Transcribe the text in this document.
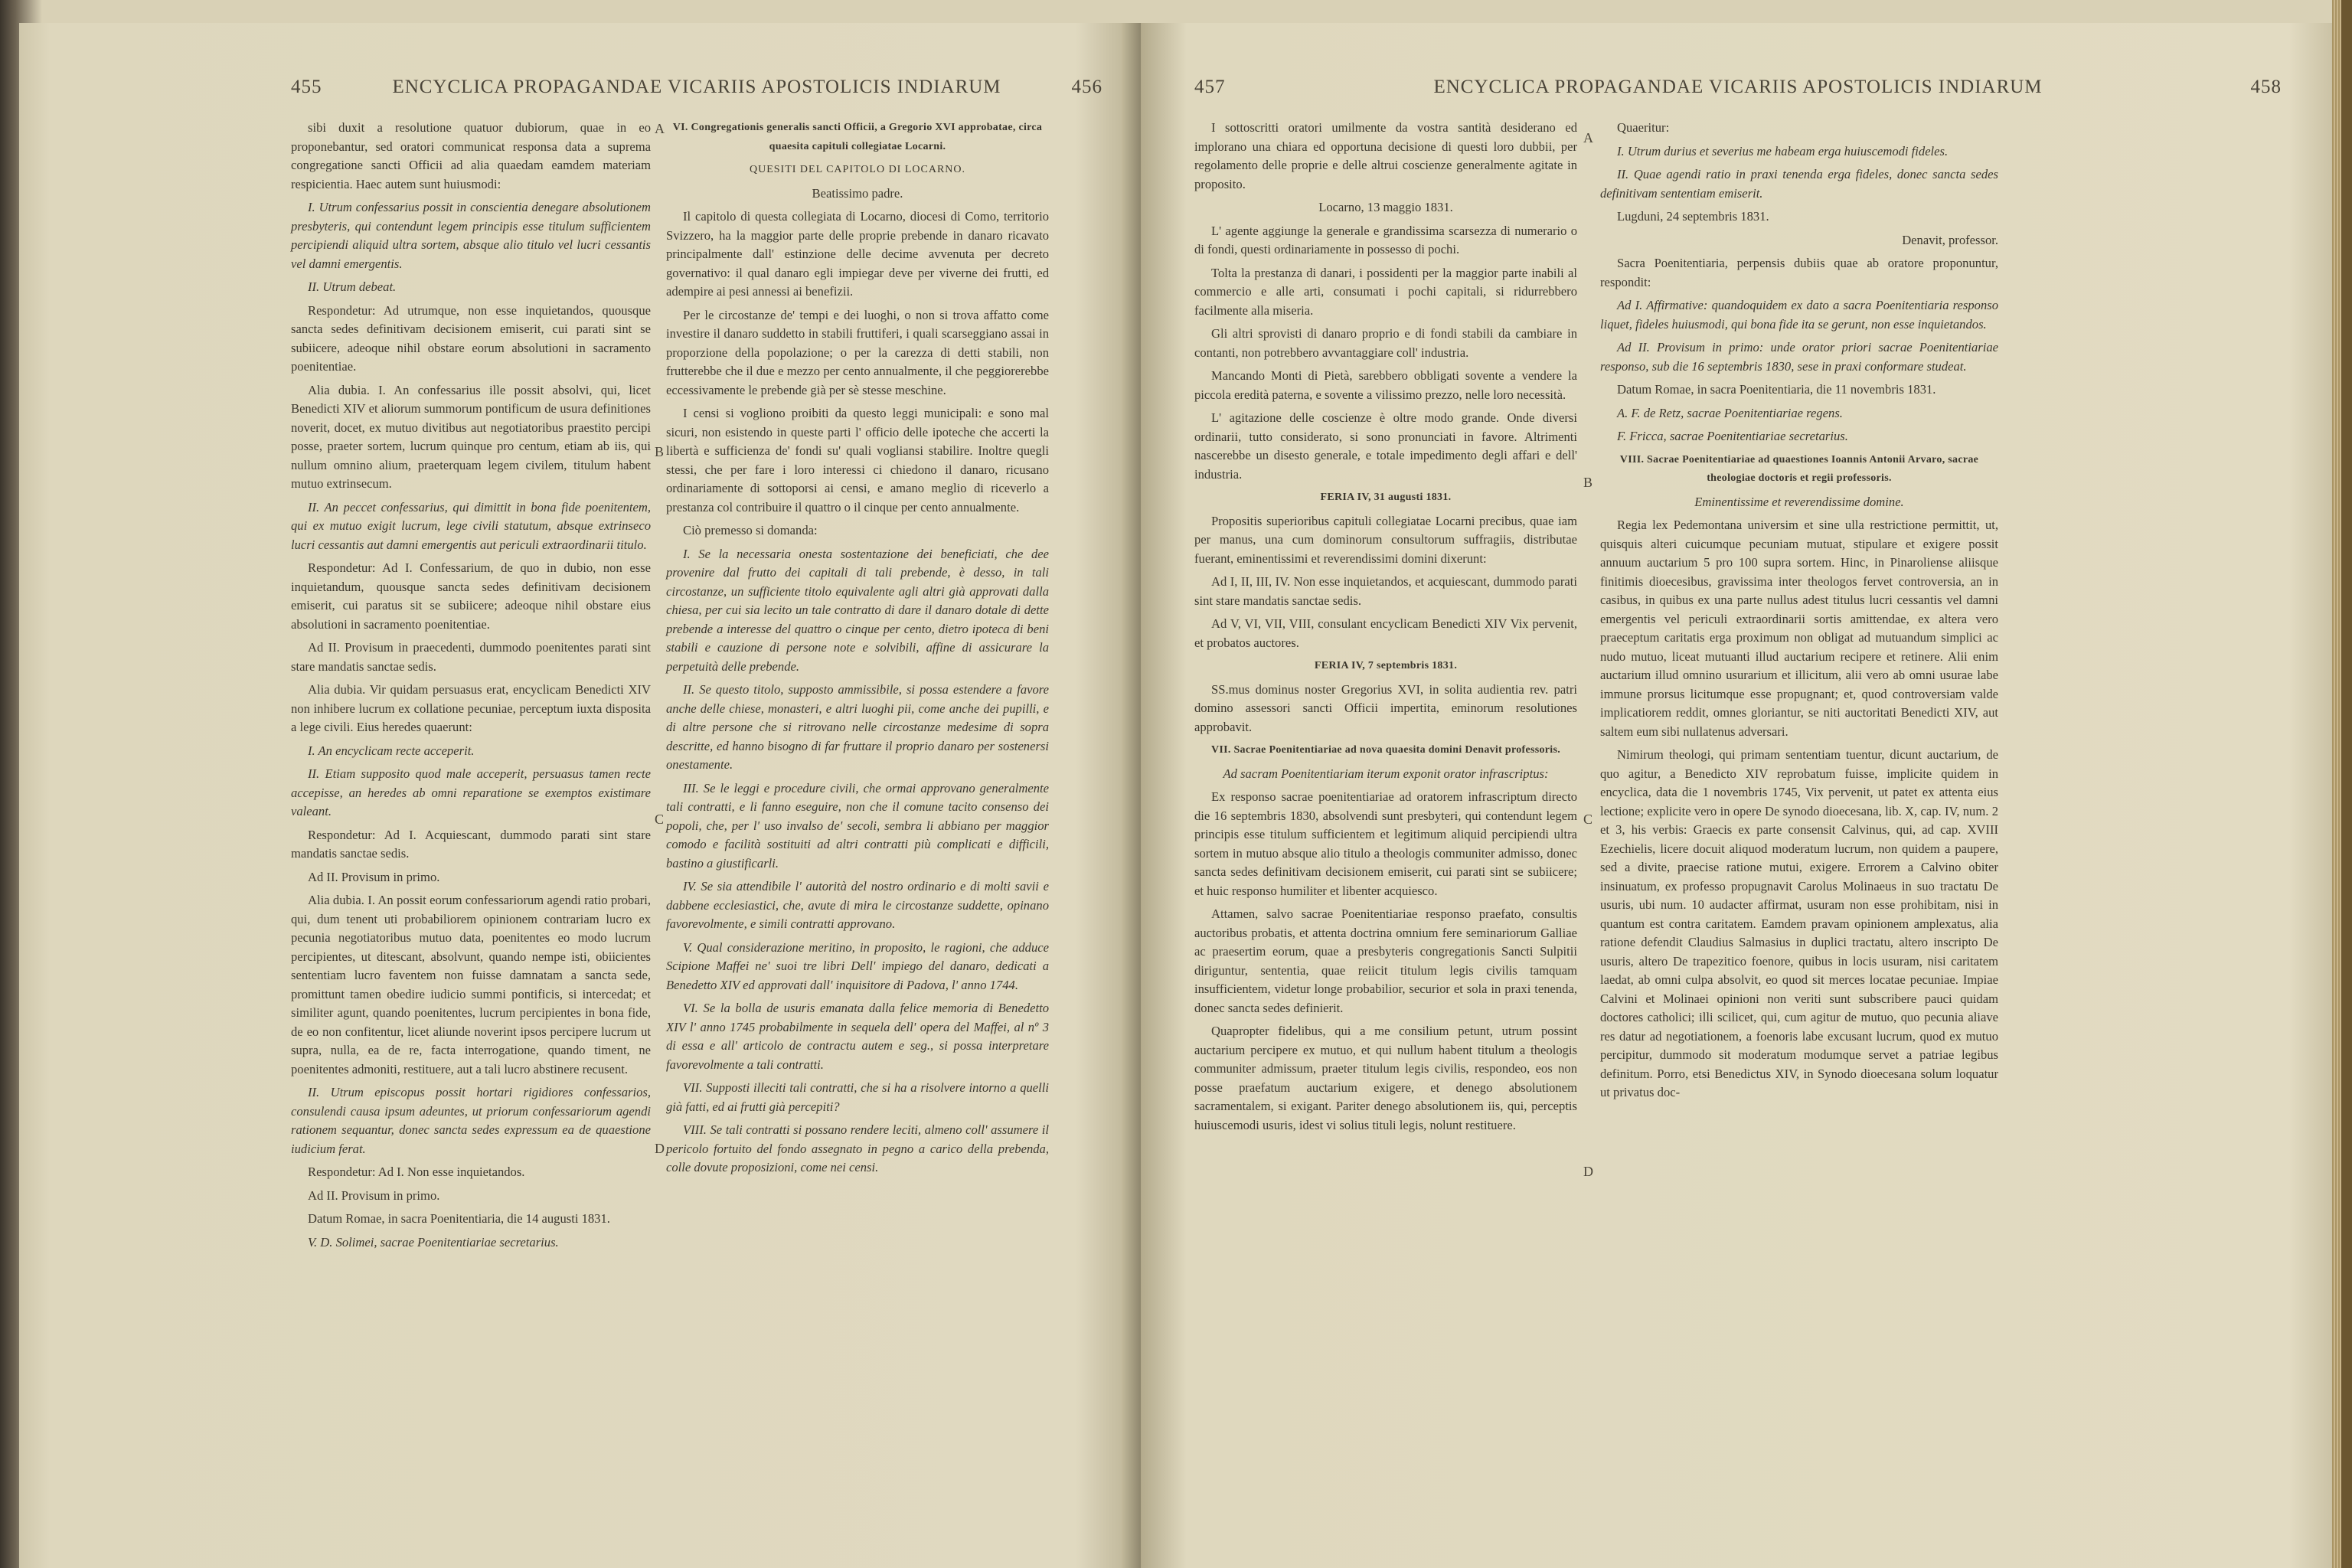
455	ENCYCLICA PROPAGANDAE VICARIIS APOSTOLICIS INDIARUM	456

sibi duxit a resolutione quatuor dubiorum, quae in eo proponebantur, sed oratori communicat responsa data a suprema congregatione sancti Officii ad alia quaedam eamdem materiam respicientia. Haec autem sunt huiusmodi:

I. Utrum confessarius possit in conscientia denegare absolutionem presbyteris, qui contendunt legem principis esse titulum sufficientem percipiendi aliquid ultra sortem, absque alio titulo vel lucri cessantis vel damni emergentis.

II. Utrum debeat.

Respondetur: Ad utrumque, non esse inquietandos, quousque sancta sedes definitivam decisionem emiserit, cui parati sint se subiicere, adeoque nihil obstare eorum absolutioni in sacramento poenitentiae.

Alia dubia. I. An confessarius ille possit absolvi, qui, licet Benedicti XIV et aliorum summorum pontificum de usura definitiones noverit, docet, ex mutuo divitibus aut negotiatoribus praestito percipi posse, praeter sortem, lucrum quinque pro centum, etiam ab iis, qui nullum omnino alium, praeterquam legem civilem, titulum habent mutuo extrinsecum.

II. An peccet confessarius, qui dimittit in bona fide poenitentem, qui ex mutuo exigit lucrum, lege civili statutum, absque extrinseco lucri cessantis aut damni emergentis aut periculi extraordinarii titulo.

Respondetur: Ad I. Confessarium, de quo in dubio, non esse inquietandum, quousque sancta sedes definitivam decisionem emiserit, cui paratus sit se subiicere; adeoque nihil obstare eius absolutioni in sacramento poenitentiae.

Ad II. Provisum in praecedenti, dummodo poenitentes parati sint stare mandatis sanctae sedis.

Alia dubia. Vir quidam persuasus erat, encyclicam Benedicti XIV non inhibere lucrum ex collatione pecuniae, perceptum iuxta disposita a lege civili. Eius heredes quaerunt:

I. An encyclicam recte acceperit.

II. Etiam supposito quod male acceperit, persuasus tamen recte accepisse, an heredes ab omni reparatione se exemptos existimare valeant.

Respondetur: Ad I. Acquiescant, dummodo parati sint stare mandatis sanctae sedis.

Ad II. Provisum in primo.

Alia dubia. I. An possit eorum confessariorum agendi ratio probari, qui, dum tenent uti probabiliorem opinionem contrariam lucro ex pecunia negotiatoribus mutuo data, poenitentes eo modo lucrum percipientes, ut ditescant, absolvunt, quando nempe isti, obiicientes sententiam lucro faventem non fuisse damnatam a sancta sede, promittunt tamen obedire iudicio summi pontificis, si intercedat; et similiter agunt, quando poenitentes, lucrum percipientes in bona fide, de eo non confitentur, licet aliunde noverint ipsos percipere lucrum ut supra, nulla, ea de re, facta interrogatione, quando timent, ne poenitentes admoniti, restituere, aut a tali lucro abstinere recusent.

II. Utrum episcopus possit hortari rigidiores confessarios, consulendi causa ipsum adeuntes, ut priorum confessariorum agendi rationem sequantur, donec sancta sedes expressum ea de quaestione iudicium ferat.

Respondetur: Ad I. Non esse inquietandos.

Ad II. Provisum in primo.

Datum Romae, in sacra Poenitentiaria, die 14 augusti 1831.

V. D. Solimei, sacrae Poenitentiariae secretarius.

VI. Congregationis generalis sancti Officii, a Gregorio XVI approbatae, circa quaesita capituli collegiatae Locarni.

QUESITI DEL CAPITOLO DI LOCARNO.

Beatissimo padre.

Il capitolo di questa collegiata di Locarno, diocesi di Como, territorio Svizzero, ha la maggior parte delle proprie prebende in danaro ricavato principalmente dall' estinzione delle decime avvenuta per decreto governativo: il qual danaro egli impiegar deve per viverne dei frutti, ed adempire ai pesi annessi ai benefizii.

Per le circostanze de' tempi e dei luoghi, o non si trova affatto come investire il danaro suddetto in stabili fruttiferi, i quali scarseggiano assai in proporzione della popolazione; o per la carezza di detti stabili, non frutterebbe che il due e mezzo per cento annualmente, il che peggiorerebbe eccessivamente le prebende già per sè stesse meschine.

I censi si vogliono proibiti da questo leggi municipali: e sono mal sicuri, non esistendo in queste parti l' officio delle ipoteche che accerti la libertà e sufficienza de' fondi su' quali vogliansi stabilire. Inoltre quegli stessi, che per fare i loro interessi ci chiedono il danaro, ricusano ordinariamente di sottoporsi ai censi, e amano meglio di riceverlo a prestanza col contribuire il quattro o il cinque per cento annualmente.

Ciò premesso si domanda:

I. Se la necessaria onesta sostentazione dei beneficiati, che dee provenire dal frutto dei capitali di tali prebende, è desso, in tali circostanze, un sufficiente titolo equivalente agli altri già approvati dalla chiesa, per cui sia lecito un tale contratto di dare il danaro dotale di dette prebende a interesse del quattro o cinque per cento, dietro ipoteca di beni stabili e cauzione di persone note e solvibili, affine di assicurare la perpetuità delle prebende.

II. Se questo titolo, supposto ammissibile, si possa estendere a favore anche delle chiese, monasteri, e altri luoghi pii, come anche dei pupilli, e di altre persone che si ritrovano nelle circostanze medesime di sopra descritte, ed hanno bisogno di far fruttare il proprio danaro per sostenersi onestamente.

III. Se le leggi e procedure civili, che ormai approvano generalmente tali contratti, e li fanno eseguire, non che il comune tacito consenso dei popoli, che, per l' uso invalso de' secoli, sembra li abbiano per maggior comodo e facilità sostituiti ad altri contratti più complicati e difficili, bastino a giustificarli.

IV. Se sia attendibile l' autorità del nostro ordinario e di molti savii e dabbene ecclesiastici, che, avute di mira le circostanze suddette, opinano favorevolmente, e simili contratti approvano.

V. Qual considerazione meritino, in proposito, le ragioni, che adduce Scipione Maffei ne' suoi tre libri Dell' impiego del danaro, dedicati a Benedetto XIV ed approvati dall' inquisitore di Padova, l' anno 1744.

VI. Se la bolla de usuris emanata dalla felice memoria di Benedetto XIV l' anno 1745 probabilmente in sequela dell' opera del Maffei, al nº 3 di essa e all' articolo de contractu autem e seg., si possa interpretare favorevolmente a tali contratti.

VII. Supposti illeciti tali contratti, che si ha a risolvere intorno a quelli già fatti, ed ai frutti già percepiti?

VIII. Se tali contratti si possano rendere leciti, almeno coll' assumere il pericolo fortuito del fondo assegnato in pegno a carico della prebenda, colle dovute proposizioni, come nei censi.

A
B
C
D
457	ENCYCLICA PROPAGANDAE VICARIIS APOSTOLICIS INDIARUM	458

I sottoscritti oratori umilmente da vostra santità desiderano ed implorano una chiara ed opportuna decisione di questi loro dubbii, per regolamento delle proprie e delle altrui coscienze generalmente agitate in proposito.

Locarno, 13 maggio 1831.

L' agente aggiunge la generale e grandissima scarsezza di numerario o di fondi, questi ordinariamente in possesso di pochi.

Tolta la prestanza di danari, i possidenti per la maggior parte inabili al commercio e alle arti, consumati i pochi capitali, si ridurrebbero facilmente alla miseria.

Gli altri sprovisti di danaro proprio e di fondi stabili da cambiare in contanti, non potrebbero avvantaggiare coll' industria.

Mancando Monti di Pietà, sarebbero obbligati sovente a vendere la piccola eredità paterna, e sovente a vilissimo prezzo, nelle loro necessità.

L' agitazione delle coscienze è oltre modo grande. Onde diversi ordinarii, tutto considerato, si sono pronunciati in favore. Altrimenti nascerebbe un disesto generale, e totale impedimento degli affari e dell' industria.

FERIA IV, 31 augusti 1831.

Propositis superioribus capituli collegiatae Locarni precibus, quae iam per manus, una cum dominorum consultorum suffragiis, distributae fuerant, eminentissimi et reverendissimi domini dixerunt:

Ad I, II, III, IV. Non esse inquietandos, et acquiescant, dummodo parati sint stare mandatis sanctae sedis.

Ad V, VI, VII, VIII, consulant encyclicam Benedicti XIV Vix pervenit, et probatos auctores.

FERIA IV, 7 septembris 1831.

SS.mus dominus noster Gregorius XVI, in solita audientia rev. patri domino assessori sancti Officii impertita, eminorum resolutiones approbavit.

VII. Sacrae Poenitentiariae ad nova quaesita domini Denavit professoris.

Ad sacram Poenitentiariam iterum exponit orator infrascriptus:

Ex responso sacrae poenitentiariae ad oratorem infrascriptum directo die 16 septembris 1830, absolvendi sunt presbyteri, qui contendunt legem principis esse titulum sufficientem et legitimum aliquid percipiendi ultra sortem in mutuo absque alio titulo a theologis communiter admisso, donec sancta sedes definitivam decisionem emiserit, cui parati sint se subiicere; et huic responso humiliter et libenter acquiesco.

Attamen, salvo sacrae Poenitentiariae responso praefato, consultis auctoribus probatis, et attenta doctrina omnium fere seminariorum Galliae ac praesertim eorum, quae a presbyteris congregationis Sancti Sulpitii diriguntur, sententia, quae reiicit titulum legis civilis tamquam insufficientem, videtur longe probabilior, securior et sola in praxi tenenda, donec sancta sedes definierit.

Quapropter fidelibus, qui a me consilium petunt, utrum possint auctarium percipere ex mutuo, et qui nullum habent titulum a theologis communiter admissum, praeter titulum legis civilis, respondeo, eos non posse praefatum auctarium exigere, et denego absolutionem sacramentalem, si exigant. Pariter denego absolutionem iis, qui, perceptis huiuscemodi usuris, idest vi solius tituli legis, nolunt restituere.

Quaeritur:

I. Utrum durius et severius me habeam erga huiuscemodi fideles.

II. Quae agendi ratio in praxi tenenda erga fideles, donec sancta sedes definitivam sententiam emiserit.

Lugduni, 24 septembris 1831.

Denavit, professor.

Sacra Poenitentiaria, perpensis dubiis quae ab oratore proponuntur, respondit:

Ad I. Affirmative: quandoquidem ex dato a sacra Poenitentiaria responso liquet, fideles huiusmodi, qui bona fide ita se gerunt, non esse inquietandos.

Ad II. Provisum in primo: unde orator priori sacrae Poenitentiariae responso, sub die 16 septembris 1830, sese in praxi conformare studeat.

Datum Romae, in sacra Poenitentiaria, die 11 novembris 1831.

A. F. de Retz, sacrae Poenitentiariae regens.

F. Fricca, sacrae Poenitentiariae secretarius.

VIII. Sacrae Poenitentiariae ad quaestiones Ioannis Antonii Arvaro, sacrae theologiae doctoris et regii professoris.

Eminentissime et reverendissime domine.

Regia lex Pedemontana universim et sine ulla restrictione permittit, ut, quisquis alteri cuicumque pecuniam mutuat, stipulare et exigere possit annuum auctarium 5 pro 100 supra sortem. Hinc, in Pinaroliense aliisque finitimis dioecesibus, gravissima inter theologos fervet controversia, an in casibus, in quibus ex una parte nullus adest titulus lucri cessantis vel damni emergentis vel periculi extraordinarii sortis amittendae, ex altera vero praeceptum caritatis erga proximum non obligat ad mutuandum simplici ac nudo mutuo, liceat mutuanti illud auctarium recipere et retinere. Alii enim auctarium illud omnino usurarium et illicitum, alii vero ab omni usurae labe immune prorsus licitumque esse propugnant; et, quod controversiam valde implicatiorem reddit, omnes gloriantur, se niti auctoritati Benedicti XIV, aut saltem eum sibi nullatenus adversari.

Nimirum theologi, qui primam sententiam tuentur, dicunt auctarium, de quo agitur, a Benedicto XIV reprobatum fuisse, implicite quidem in encyclica, data die 1 novembris 1745, Vix pervenit, ut patet ex attenta eius lectione; explicite vero in opere De synodo dioecesana, lib. X, cap. IV, num. 2 et 3, his verbis: Graecis ex parte consensit Calvinus, qui, ad cap. XVIII Ezechielis, licere docuit aliquod moderatum lucrum, non quidem a paupere, sed a divite, praecise ratione mutui, exigere. Errorem a Calvino obiter insinuatum, ex professo propugnavit Carolus Molinaeus in suo tractatu De usuris, ubi num. 10 audacter affirmat, usuram non esse prohibitam, nisi in quantum est contra caritatem. Eamdem pravam opinionem amplexatus, alia ratione defendit Claudius Salmasius in duplici tractatu, altero inscripto De usuris, altero De trapezitico foenore, quibus in locis usuram, nisi caritatem laedat, ab omni culpa absolvit, eo quod sit merces locatae pecuniae. Impiae Calvini et Molinaei opinioni non veriti sunt subscribere pauci quidam doctores catholici; illi scilicet, qui, cum agitur de mutuo, quo pecunia aliave res datur ad negotiationem, a foenoris labe excusant lucrum, quod ex mutuo percipitur, dummodo sit moderatum modumque servet a patriae legibus definitum. Porro, etsi Benedictus XIV, in Synodo dioecesana solum loquatur ut privatus doc-

A
B
C
D
